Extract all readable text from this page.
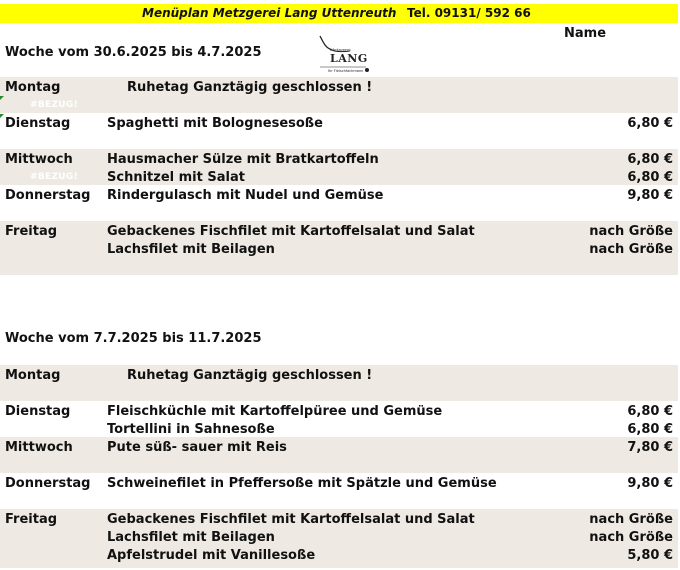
Menüplan Metzgerei Lang Uttenreuth Tel. 09131/ 592 66
Name
Metzgerei
LANG
Ihr Fleischfachmann
Woche vom 30.6.2025 bis 4.7.2025
#BEZUG!
#BEZUG!
Montag	Ruhetag Ganztägig geschlossen !
Dienstag	Spaghetti mit Bolognesesoße	6,80 €
Mittwoch	Hausmacher Sülze mit Bratkartoffeln	6,80 €
Schnitzel mit Salat	6,80 €
Donnerstag Rindergulasch mit Nudel und Gemüse	9,80 €
Freitag	Gebackenes Fischfilet mit Kartoffelsalat und Salat	nach Größe
Lachsfilet mit Beilagen	nach Größe
Woche vom 7.7.2025 bis 11.7.2025
Montag	Ruhetag Ganztägig geschlossen !
Dienstag	Fleischküchle mit Kartoffelpüree und Gemüse	6,80 €
Tortellini in Sahnesoße	6,80 €
Mittwoch	Pute süß- sauer mit Reis	7,80 €
Donnerstag Schweinefilet in Pfeffersoße mit Spätzle und Gemüse	9,80 €
Freitag	Gebackenes Fischfilet mit Kartoffelsalat und Salat	nach Größe
Lachsfilet mit Beilagen	nach Größe
Apfelstrudel mit Vanillesoße	5,80 €
